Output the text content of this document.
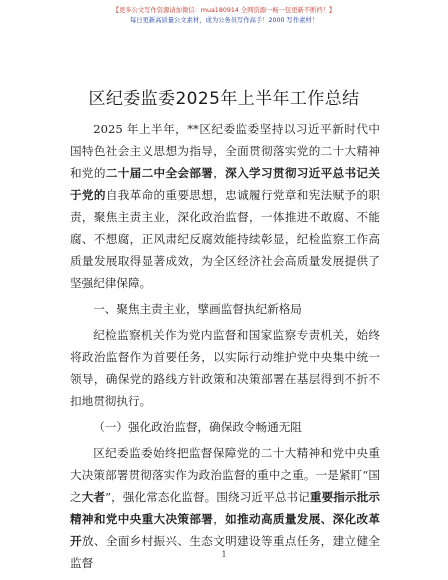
【更多公文写作资源请加微信：mua180914 全网资源一畅一包更新不断档！】
每日更新高质量公文素材，成为公务员写作高手！2000 写作素材！
区纪委监委2025年上半年工作总结

2025 年上半年，**区纪委监委坚持以习近平新时代中国特色社会主义思想为指导，全面贯彻落实党的二十大精神和党的二十届二中全会部署，深入学习贯彻习近平总书记关于党的自我革命的重要思想，忠诚履行党章和宪法赋予的职责，聚焦主责主业，深化政治监督，一体推进不敢腐、不能腐、不想腐，正风肃纪反腐效能持续彰显，纪检监察工作高质量发展取得显著成效，为全区经济社会高质量发展提供了坚强纪律保障。

一、聚焦主责主业，擘画监督执纪新格局

纪检监察机关作为党内监督和国家监察专责机关，始终将政治监督作为首要任务，以实际行动维护党中央集中统一领导，确保党的路线方针政策和决策部署在基层得到不折不扣地贯彻执行。

（一）强化政治监督，确保政令畅通无阻

区纪委监委始终把监督保障党的二十大精神和党中央重大决策部署贯彻落实作为政治监督的重中之重。一是紧盯“国之大者”，强化常态化监督。围绕习近平总书记重要指示批示精神和党中央重大决策部署，如推动高质量发展、深化改革开放、全面乡村振兴、生态文明建设等重点任务，建立健全监督

1
